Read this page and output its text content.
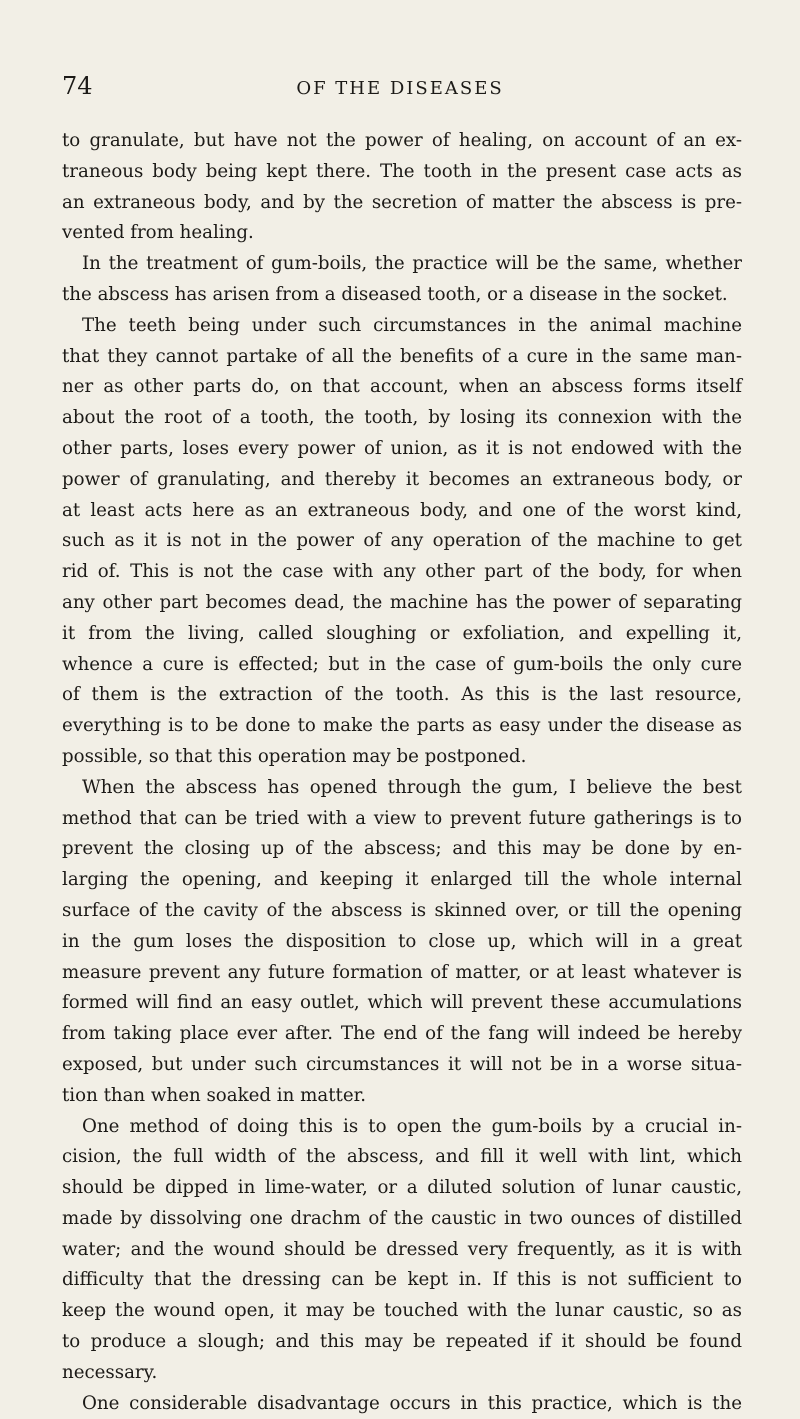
74	OF THE DISEASES
to granulate, but have not the power of healing, on account of an ex-
traneous body being kept there. The tooth in the present case acts as
an extraneous body, and by the secretion of matter the abscess is pre-
vented from healing.
In the treatment of gum-boils, the practice will be the same, whether
the abscess has arisen from a diseased tooth, or a disease in the socket.
The teeth being under such circumstances in the animal machine
that they cannot partake of all the benefits of a cure in the same man-
ner as other parts do, on that account, when an abscess forms itself
about the root of a tooth, the tooth, by losing its connexion with the
other parts, loses every power of union, as it is not endowed with the
power of granulating, and thereby it becomes an extraneous body, or
at least acts here as an extraneous body, and one of the worst kind,
such as it is not in the power of any operation of the machine to get
rid of. This is not the case with any other part of the body, for when
any other part becomes dead, the machine has the power of separating
it from the living, called sloughing or exfoliation, and expelling it,
whence a cure is effected; but in the case of gum-boils the only cure
of them is the extraction of the tooth. As this is the last resource,
everything is to be done to make the parts as easy under the disease as
possible, so that this operation may be postponed.
When the abscess has opened through the gum, I believe the best
method that can be tried with a view to prevent future gatherings is to
prevent the closing up of the abscess; and this may be done by en-
larging the opening, and keeping it enlarged till the whole internal
surface of the cavity of the abscess is skinned over, or till the opening
in the gum loses the disposition to close up, which will in a great
measure prevent any future formation of matter, or at least whatever is
formed will find an easy outlet, which will prevent these accumulations
from taking place ever after. The end of the fang will indeed be hereby
exposed, but under such circumstances it will not be in a worse situa-
tion than when soaked in matter.
One method of doing this is to open the gum-boils by a crucial in-
cision, the full width of the abscess, and fill it well with lint, which
should be dipped in lime-water, or a diluted solution of lunar caustic,
made by dissolving one drachm of the caustic in two ounces of distilled
water; and the wound should be dressed very frequently, as it is with
difficulty that the dressing can be kept in. If this is not sufficient to
keep the wound open, it may be touched with the lunar caustic, so as
to produce a slough; and this may be repeated if it should be found
necessary.
One considerable disadvantage occurs in this practice, which is the
